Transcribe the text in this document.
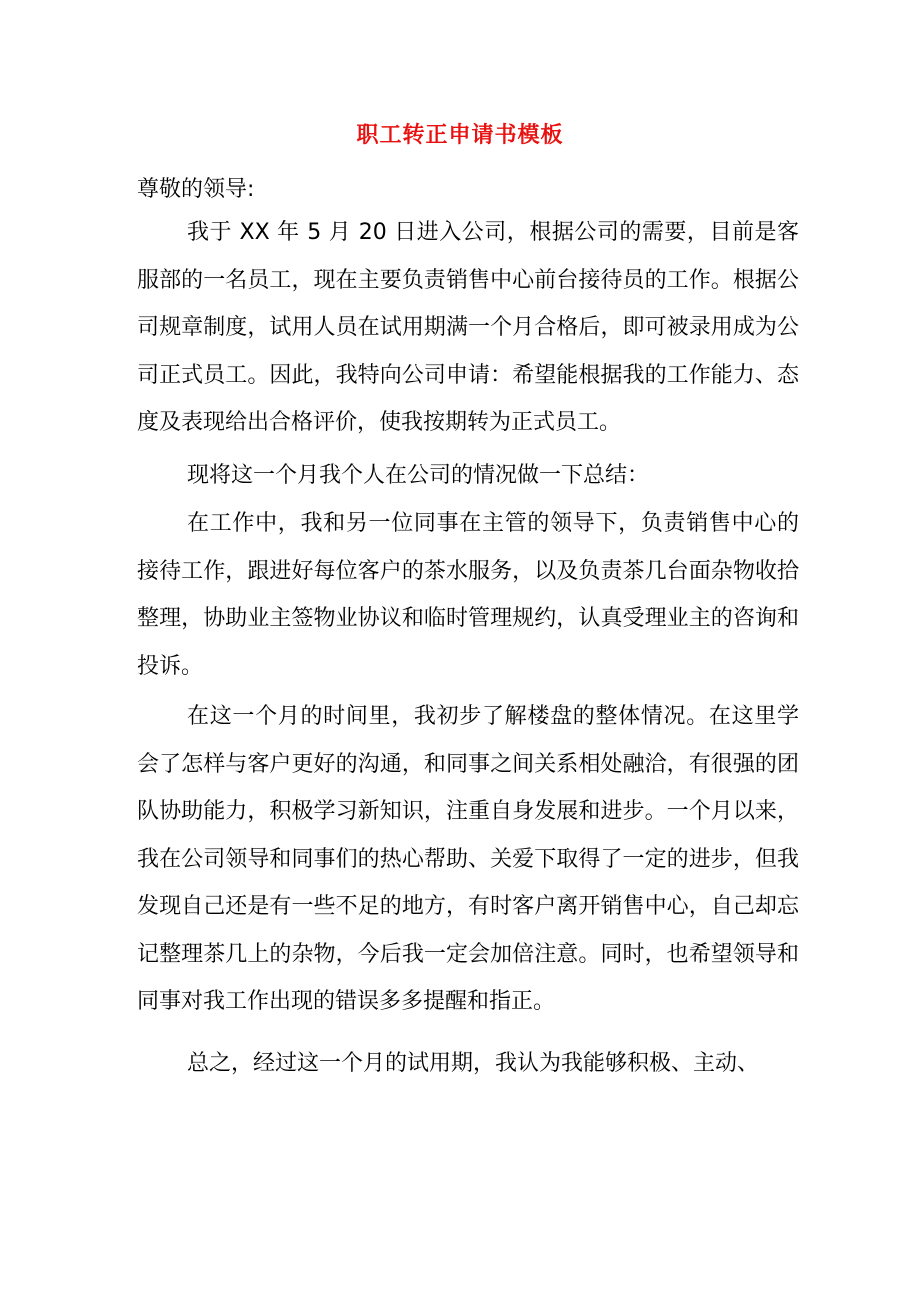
职工转正申请书模板
尊敬的领导:

我于 XX 年 5 月 20 日进入公司，根据公司的需要，目前是客服部的一名员工，现在主要负责销售中心前台接待员的工作。根据公司规章制度，试用人员在试用期满一个月合格后，即可被录用成为公司正式员工。因此，我特向公司申请：希望能根据我的工作能力、态度及表现给出合格评价，使我按期转为正式员工。

现将这一个月我个人在公司的情况做一下总结：

在工作中，我和另一位同事在主管的领导下，负责销售中心的接待工作，跟进好每位客户的茶水服务，以及负责茶几台面杂物收拾整理，协助业主签物业协议和临时管理规约，认真受理业主的咨询和投诉。

在这一个月的时间里，我初步了解楼盘的整体情况。在这里学会了怎样与客户更好的沟通，和同事之间关系相处融洽，有很强的团队协助能力，积极学习新知识，注重自身发展和进步。一个月以来，我在公司领导和同事们的热心帮助、关爱下取得了一定的进步，但我发现自己还是有一些不足的地方，有时客户离开销售中心，自己却忘记整理茶几上的杂物，今后我一定会加倍注意。同时，也希望领导和同事对我工作出现的错误多多提醒和指正。

总之，经过这一个月的试用期，我认为我能够积极、主动、
